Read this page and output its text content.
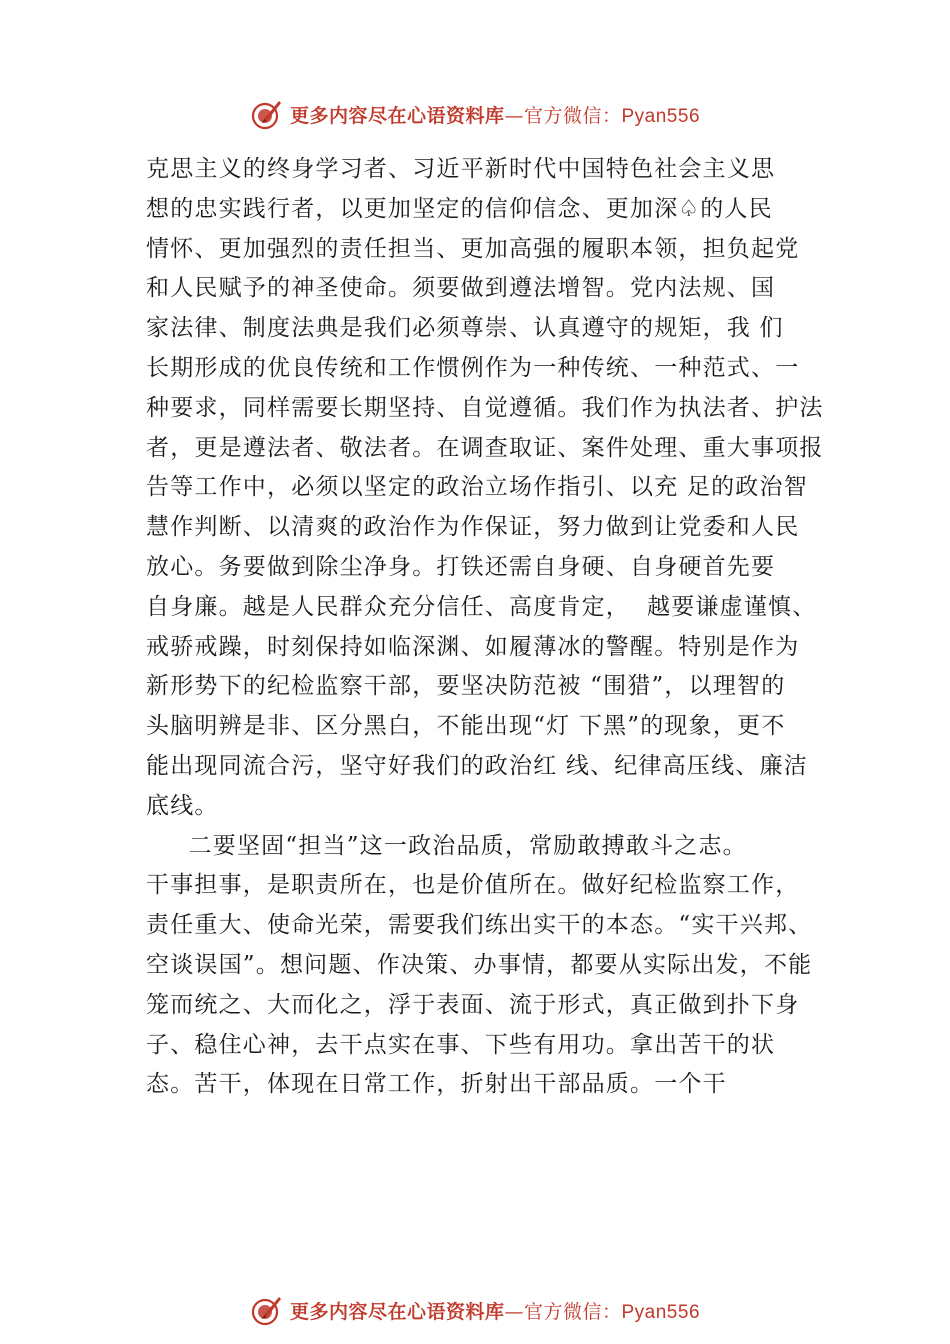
更多内容尽在心语资料库—官方微信：Pyan556
克思主义的终身学习者、习近平新时代中国特色社会主义思
想的忠实践行者，以更加坚定的信仰信念、更加深♤的人民
情怀、更加强烈的责任担当、更加高强的履职本领，担负起党
和人民赋予的神圣使命。须要做到遵法增智。党内法规、国
家法律、制度法典是我们必须尊崇、认真遵守的规矩，我 们
长期形成的优良传统和工作惯例作为一种传统、一种范式、一
种要求，同样需要长期坚持、自觉遵循。我们作为执法者、护法
者，更是遵法者、敬法者。在调查取证、案件处理、重大事项报
告等工作中，必须以坚定的政治立场作指引、以充 足的政治智
慧作判断、以清爽的政治作为作保证，努力做到让党委和人民
放心。务要做到除尘净身。打铁还需自身硬、自身硬首先要
自身廉。越是人民群众充分信任、高度肯定，  越要谦虚谨慎、
戒骄戒躁，时刻保持如临深渊、如履薄冰的警醒。特别是作为
新形势下的纪检监察干部，要坚决防范被 “围猎”，以理智的
头脑明辨是非、区分黑白，不能出现“灯 下黑”的现象，更不
能出现同流合污，坚守好我们的政治红 线、纪律高压线、廉洁
底线。
二要坚固“担当”这一政治品质，常励敢搏敢斗之志。
干事担事，是职责所在，也是价值所在。做好纪检监察工作，
责任重大、使命光荣，需要我们练出实干的本态。“实干兴邦、
空谈误国”。想问题、作决策、办事情，都要从实际出发，不能
笼而统之、大而化之，浮于表面、流于形式，真正做到扑下身
子、稳住心神，去干点实在事、下些有用功。拿出苦干的状
态。苦干，体现在日常工作，折射出干部品质。一个干
更多内容尽在心语资料库—官方微信：Pyan556
